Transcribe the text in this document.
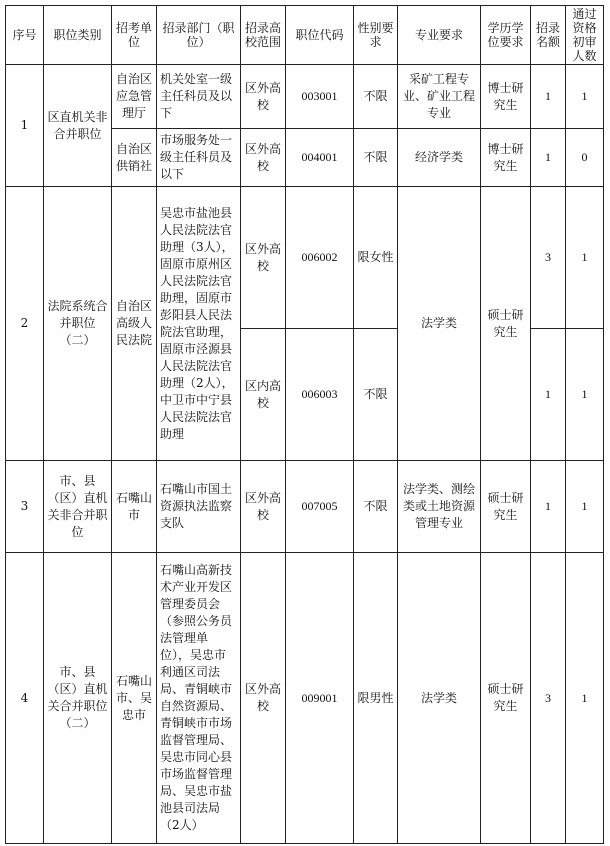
序号	职位类别	招考单位	招录部门（职位）	招录高校范围	职位代码	性别要求	专业要求	学历学位要求	招录名额	通过资格初审人数
1	区直机关非合并职位	自治区应急管理厅	机关处室一级主任科员及以下	区外高校	003001	不限	采矿工程专业、矿业工程专业	博士研究生	1	1
		自治区供销社	市场服务处一级主任科员及以下	区外高校	004001	不限	经济学类	博士研究生	1	0
2	法院系统合并职位（二）	自治区高级人民法院	吴忠市盐池县人民法院法官助理（3人），固原市原州区人民法院法官助理，固原市彭阳县人民法院法官助理，固原市泾源县人民法院法官助理（2人），中卫市中宁县人民法院法官助理	区外高校	006002	限女性	法学类	硕士研究生	3	1
				区内高校	006003	不限			1	1
3	市、县（区）直机关非合并职位	石嘴山市	石嘴山市国土资源执法监察支队	区外高校	007005	不限	法学类、测绘类或土地资源管理专业	硕士研究生	1	1
4	市、县（区）直机关合并职位（二）	石嘴山市、吴忠市	石嘴山高新技术产业开发区管理委员会（参照公务员法管理单位），吴忠市利通区司法局、青铜峡市自然资源局、青铜峡市市场监督管理局、吴忠市同心县市场监督管理局、吴忠市盐池县司法局（2人）	区外高校	009001	限男性	法学类	硕士研究生	3	1
